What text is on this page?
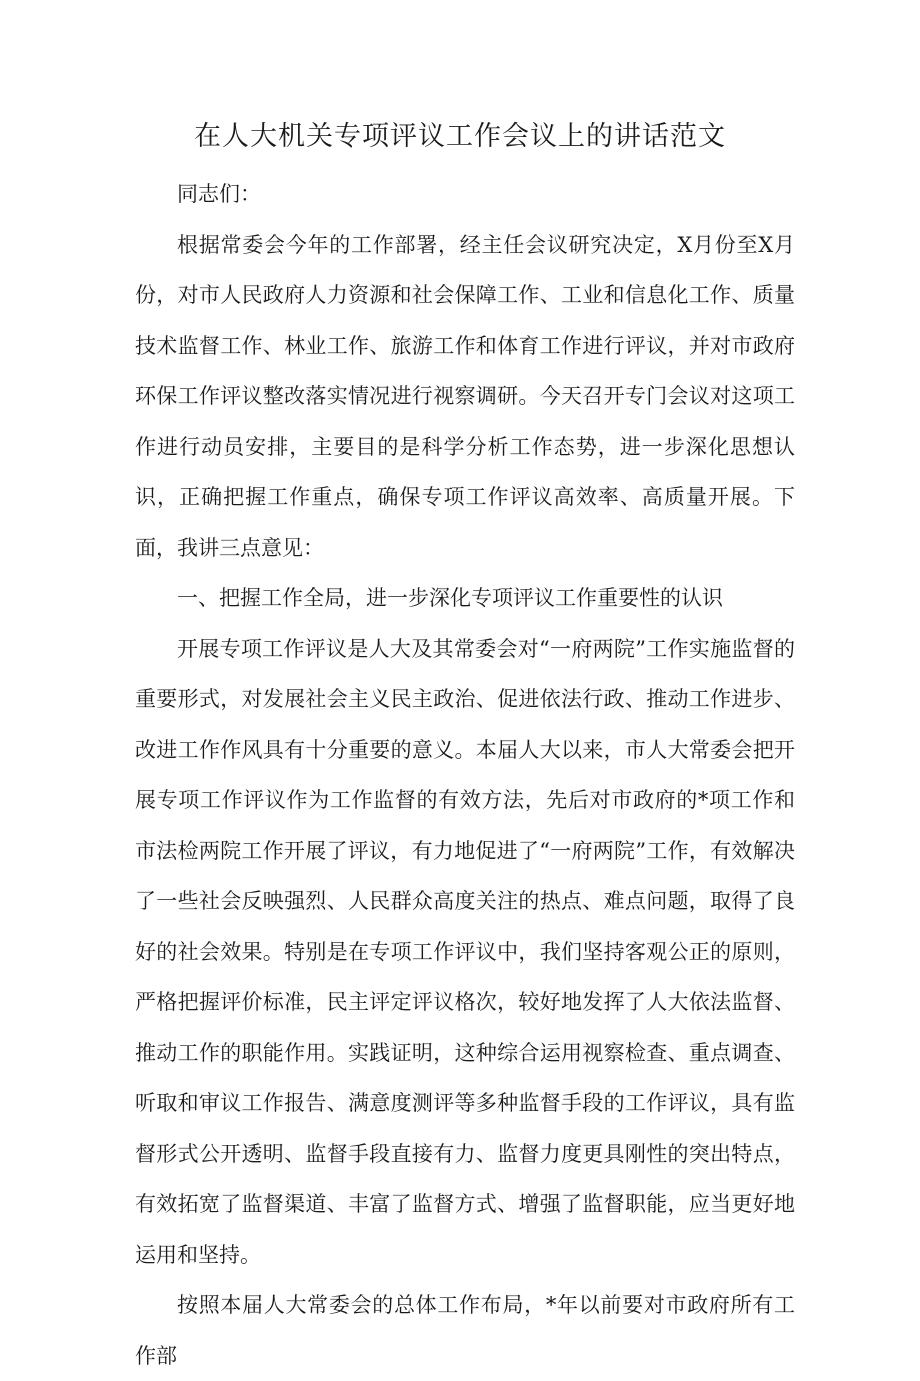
在人大机关专项评议工作会议上的讲话范文

同志们：

根据常委会今年的工作部署，经主任会议研究决定，X月份至X月份，对市人民政府人力资源和社会保障工作、工业和信息化工作、质量技术监督工作、林业工作、旅游工作和体育工作进行评议，并对市政府环保工作评议整改落实情况进行视察调研。今天召开专门会议对这项工作进行动员安排，主要目的是科学分析工作态势，进一步深化思想认识，正确把握工作重点，确保专项工作评议高效率、高质量开展。下面，我讲三点意见：

一、把握工作全局，进一步深化专项评议工作重要性的认识

开展专项工作评议是人大及其常委会对“一府两院”工作实施监督的重要形式，对发展社会主义民主政治、促进依法行政、推动工作进步、改进工作作风具有十分重要的意义。本届人大以来，市人大常委会把开展专项工作评议作为工作监督的有效方法，先后对市政府的*项工作和市法检两院工作开展了评议，有力地促进了“一府两院”工作，有效解决了一些社会反映强烈、人民群众高度关注的热点、难点问题，取得了良好的社会效果。特别是在专项工作评议中，我们坚持客观公正的原则，严格把握评价标准，民主评定评议格次，较好地发挥了人大依法监督、推动工作的职能作用。实践证明，这种综合运用视察检查、重点调查、听取和审议工作报告、满意度测评等多种监督手段的工作评议，具有监督形式公开透明、监督手段直接有力、监督力度更具刚性的突出特点，有效拓宽了监督渠道、丰富了监督方式、增强了监督职能，应当更好地运用和坚持。

按照本届人大常委会的总体工作布局，*年以前要对市政府所有工作部
